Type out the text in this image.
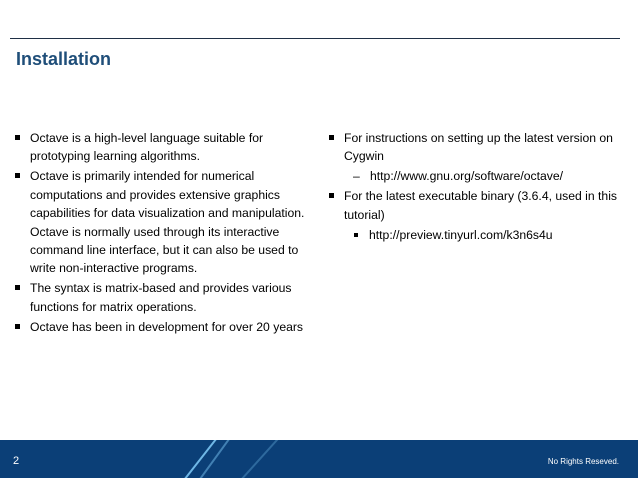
Installation
Octave is a high-level language suitable for prototyping learning algorithms.
Octave is primarily intended for numerical computations and provides extensive graphics capabilities for data visualization and manipulation. Octave is normally used through its interactive command line interface, but it can also be used to write non-interactive programs.
The syntax is matrix-based and provides various functions for matrix operations.
Octave has been in development for over 20 years
For instructions on setting up the latest version on Cygwin
– http://www.gnu.org/software/octave/
For the latest executable binary (3.6.4, used in this tutorial)
http://preview.tinyurl.com/k3n6s4u
2	No Rights Reseved.
